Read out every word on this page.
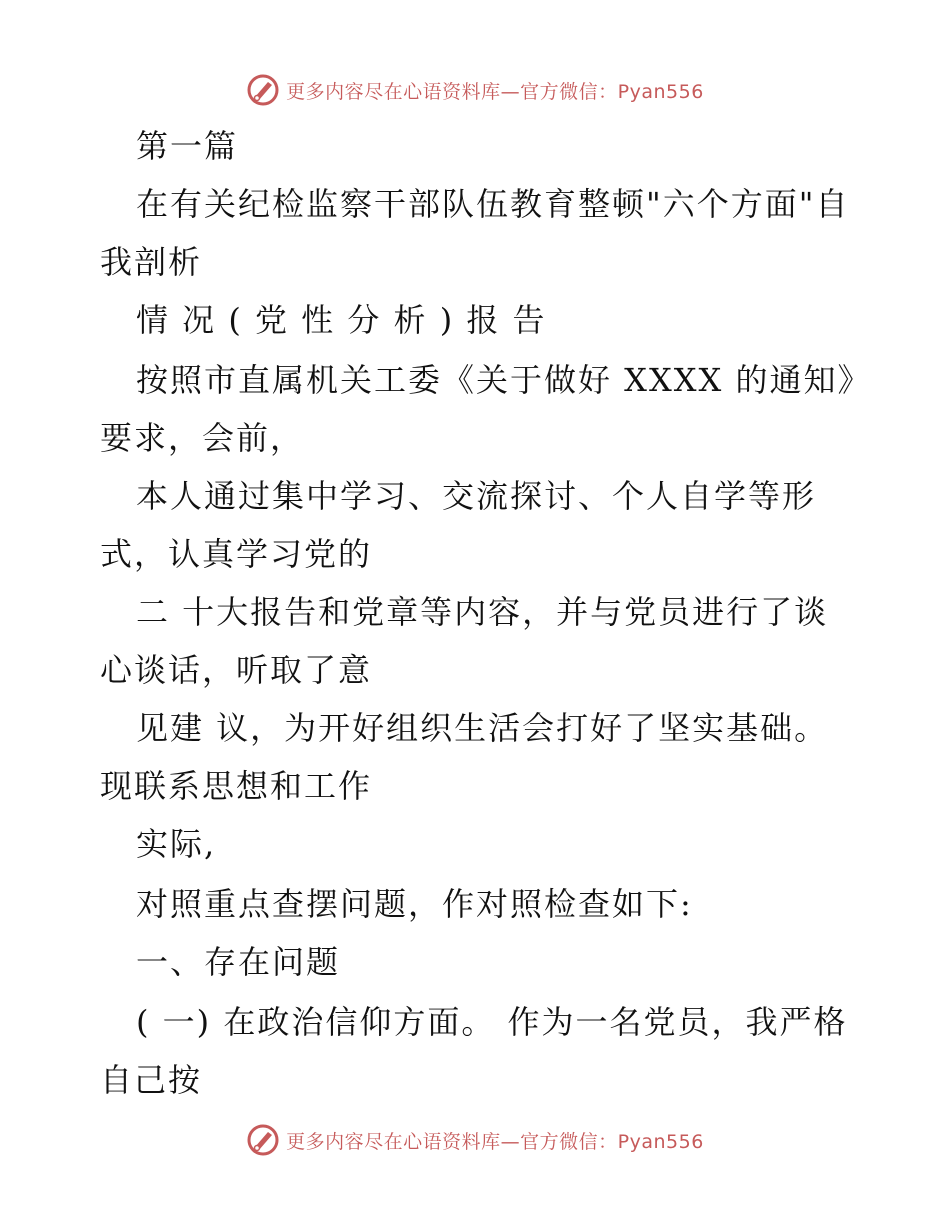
更多内容尽在心语资料库—官方微信：Pyan556
第一篇
在有关纪检监察干部队伍教育整顿"六个方面"自
我剖析
情 况 ( 党 性 分 析 ) 报 告
按照市直属机关工委《关于做好 XXXX 的通知》
要求，会前，
本人通过集中学习、交流探讨、个人自学等形
式，认真学习党的
二 十大报告和党章等内容，并与党员进行了谈
心谈话，听取了意
见建 议，为开好组织生活会打好了坚实基础。
现联系思想和工作
实际,
对照重点查摆问题，作对照检查如下:
一、存在问题
( 一) 在政治信仰方面。 作为一名党员，我严格
自己按
更多内容尽在心语资料库—官方微信：Pyan556
